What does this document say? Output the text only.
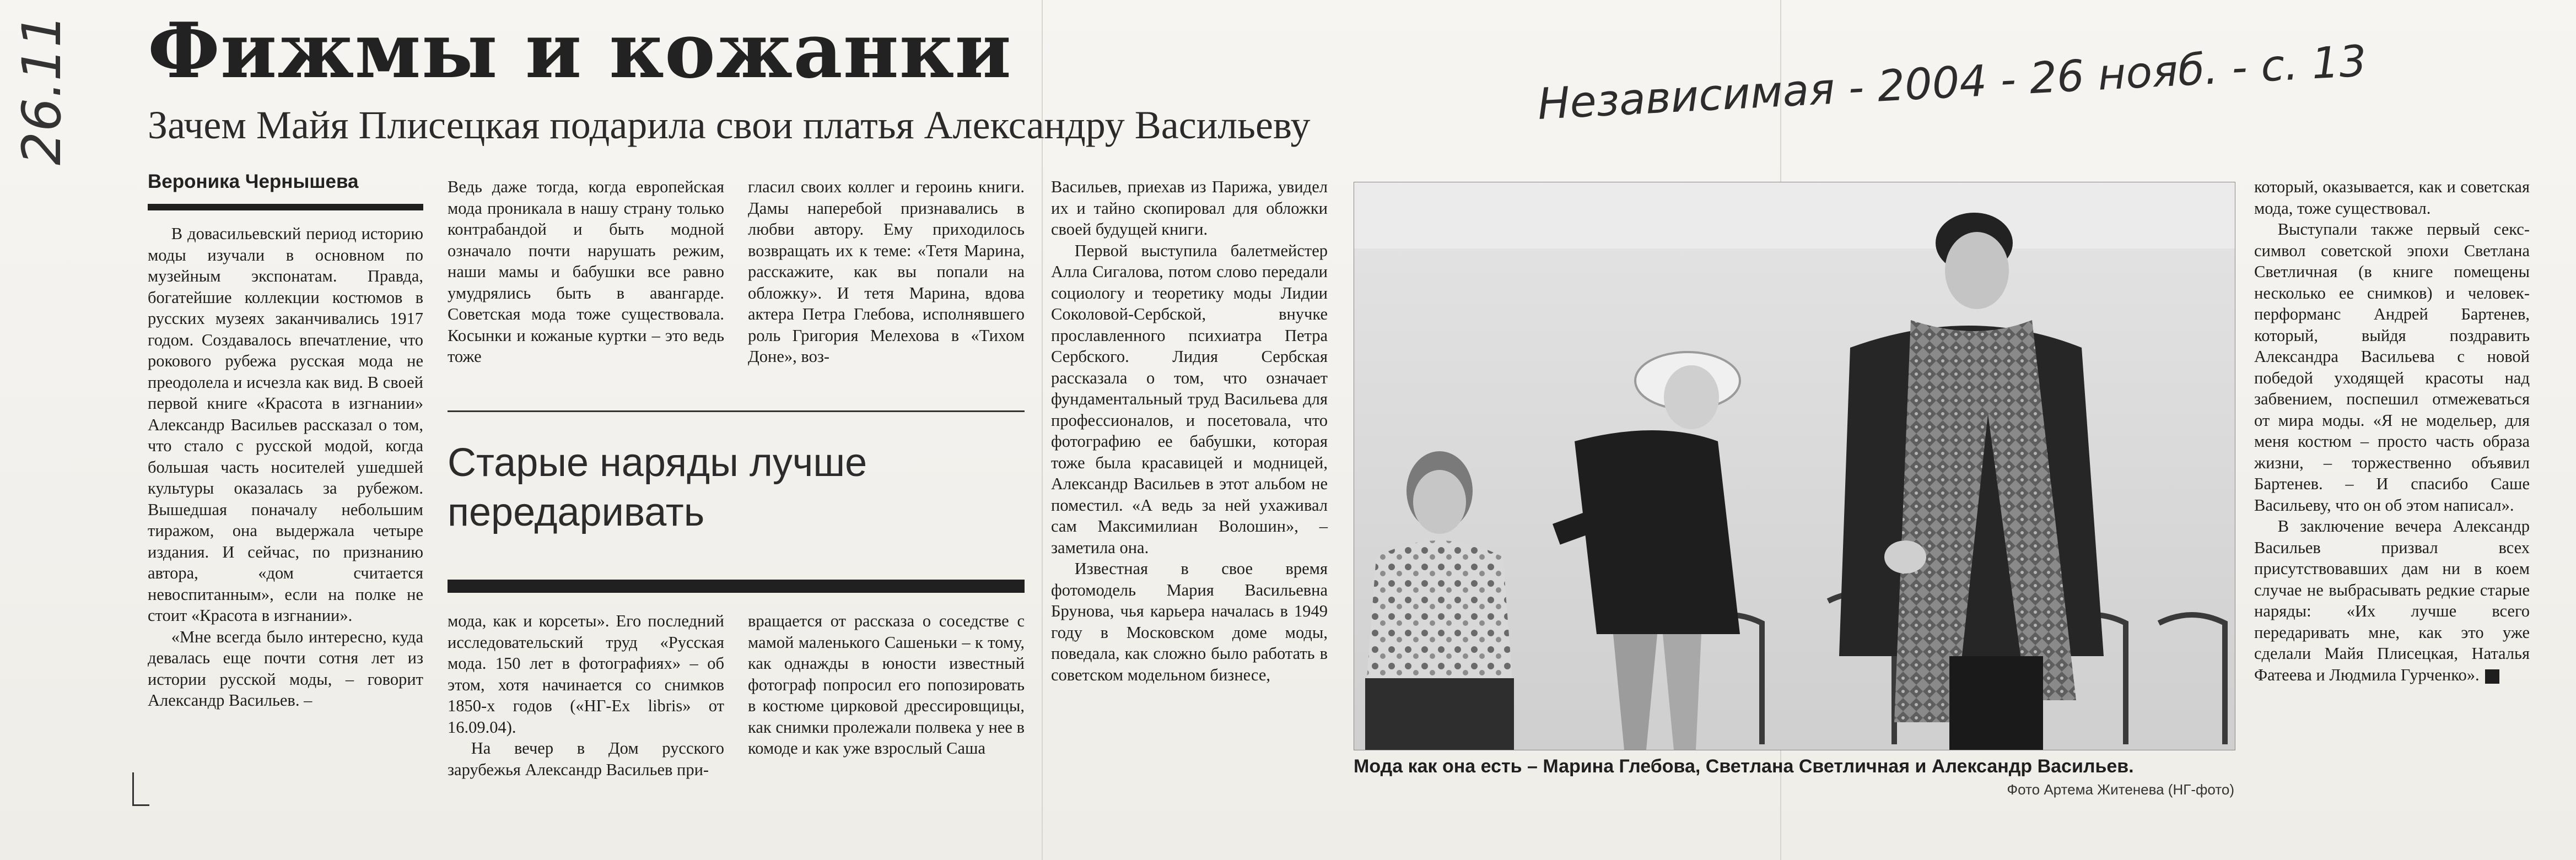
26.11 Фижмы и кожанки
Зачем Майя Плисецкая подарила свои платья Александру Васильеву	Независимая - 2004 - 26 нояб. - с. 13
Вероника Чернышева

В довасильевский период историю моды изучали в основном по музейным экспонатам. Правда, богатейшие коллекции костюмов в русских музеях заканчивались 1917 годом. Создавалось впечатление, что рокового рубежа русская мода не преодолела и исчезла как вид. В своей первой книге «Красота в изгнании» Александр Васильев рассказал о том, что стало с русской модой, когда большая часть носителей ушедшей культуры оказалась за рубежом. Вышедшая поначалу небольшим тиражом, она выдержала четыре издания. И сейчас, по признанию автора, «дом считается невоспитанным», если на полке не стоит «Красота в изгнании».

«Мне всегда было интересно, куда девалась еще почти сотня лет из истории русской моды, – говорит Александр Васильев. –

Ведь даже тогда, когда европейская мода проникала в нашу страну только контрабандой и быть модной означало почти нарушать режим, наши мамы и бабушки все равно умудрялись быть в авангарде. Советская мода тоже существовала. Косынки и кожаные куртки – это ведь тоже

гласил своих коллег и героинь книги. Дамы наперебой признавались в любви автору. Ему приходилось возвращать их к теме: «Тетя Марина, расскажите, как вы попали на обложку». И тетя Марина, вдова актера Петра Глебова, исполнявшего роль Григория Мелехова в «Тихом Доне», воз-

Старые наряды лучше передаривать

мода, как и корсеты». Его последний исследовательский труд «Русская мода. 150 лет в фотографиях» – об этом, хотя начинается со снимков 1850-х годов («НГ-Ex libris» от 16.09.04).

На вечер в Дом русского зарубежья Александр Васильев при-

вращается от рассказа о соседстве с мамой маленького Сашеньки – к тому, как однажды в юности известный фотограф попросил его попозировать в костюме цирковой дрессировщицы, как снимки пролежали полвека у нее в комоде и как уже взрослый Саша

Васильев, приехав из Парижа, увидел их и тайно скопировал для обложки своей будущей книги.

Первой выступила балетмейстер Алла Сигалова, потом слово передали социологу и теоретику моды Лидии Соколовой-Сербской, внучке прославленного психиатра Петра Сербского. Лидия Сербская рассказала о том, что означает фундаментальный труд Васильева для профессионалов, и посетовала, что фотографию ее бабушки, которая тоже была красавицей и модницей, Александр Васильев в этот альбом не поместил. «А ведь за ней ухаживал сам Максимилиан Волошин», – заметила она.

Известная в свое время фотомодель Мария Васильевна Брунова, чья карьера началась в 1949 году в Московском доме моды, поведала, как сложно было работать в советском модельном бизнесе,

Мода как она есть – Марина Глебова, Светлана Светличная и Александр Васильев.
Фото Артема Житенева (НГ-фото)

который, оказывается, как и советская мода, тоже существовал.

Выступали также первый секс-символ советской эпохи Светлана Светличная (в книге помещены несколько ее снимков) и человек-перформанс Андрей Бартенев, который, выйдя поздравить Александра Васильева с новой победой уходящей красоты над забвением, поспешил отмежеваться от мира моды. «Я не модельер, для меня костюм – просто часть образа жизни, – торжественно объявил Бартенев. – И спасибо Саше Васильеву, что он об этом написал».

В заключение вечера Александр Васильев призвал всех присутствовавших дам ни в коем случае не выбрасывать редкие старые наряды: «Их лучше всего передаривать мне, как это уже сделали Майя Плисецкая, Наталья Фатеева и Людмила Гурченко».
